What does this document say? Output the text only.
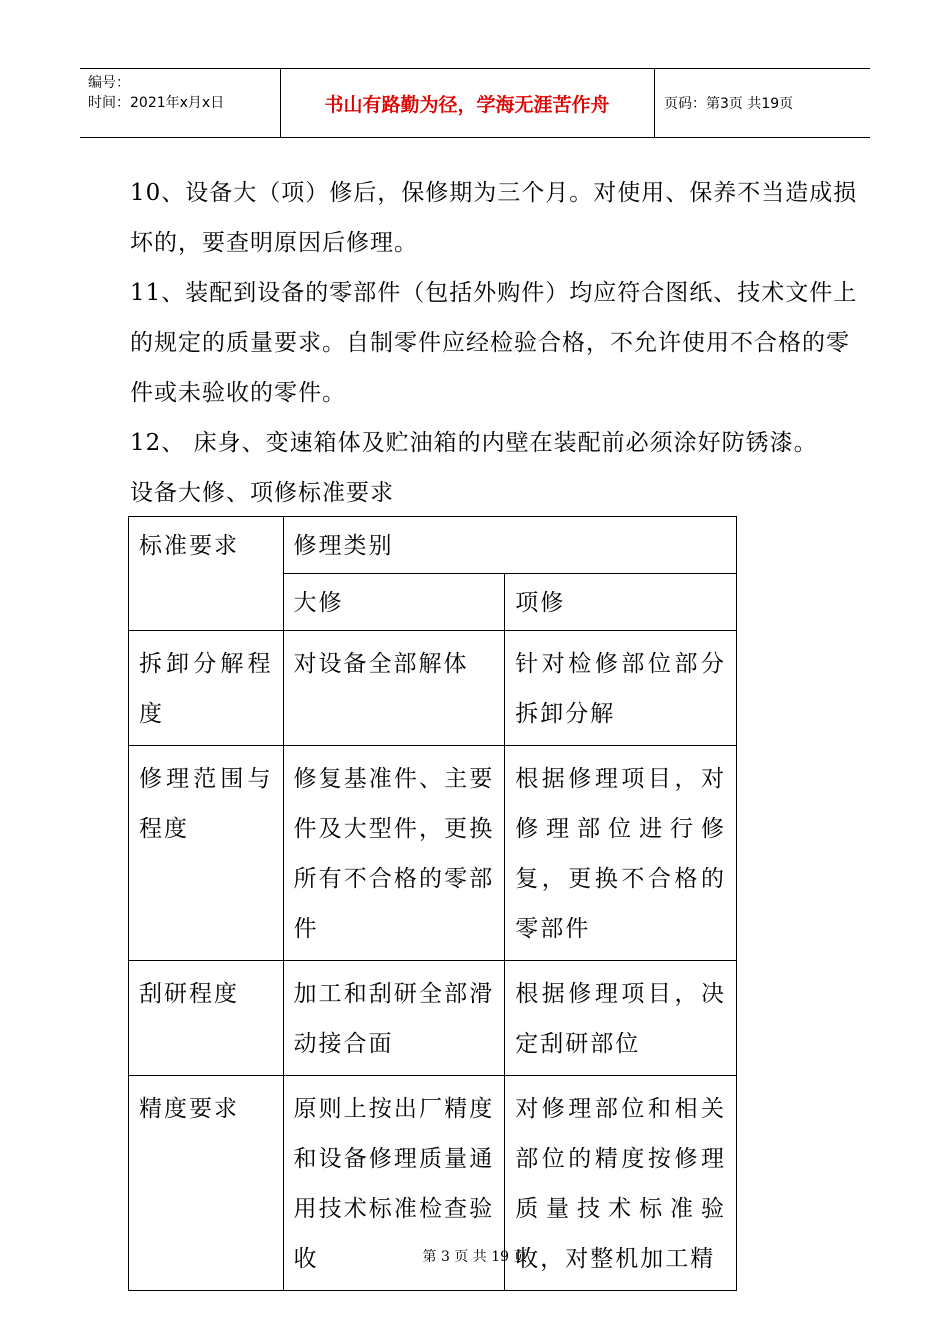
编号：
时间：2021年x月x日	书山有路勤为径，学海无涯苦作舟	页码：第3页 共19页

10、设备大（项）修后，保修期为三个月。对使用、保养不当造成损坏的，要查明原因后修理。

11、装配到设备的零部件（包括外购件）均应符合图纸、技术文件上的规定的质量要求。自制零件应经检验合格，不允许使用不合格的零件或未验收的零件。

12、 床身、变速箱体及贮油箱的内壁在装配前必须涂好防锈漆。

设备大修、项修标准要求

标准要求	修理类别	
	大修	项修
拆卸分解程度	对设备全部解体	针对检修部位部分拆卸分解
修理范围与程度	修复基准件、主要件及大型件，更换所有不合格的零部件	根据修理项目，对修理部位进行修复，更换不合格的零部件
刮研程度	加工和刮研全部滑动接合面	根据修理项目，决定刮研部位
精度要求	原则上按出厂精度和设备修理质量通用技术标准检查验收	对修理部位和相关部位的精度按修理质量技术标准验收，对整机加工精
第 3 页 共 19 页
